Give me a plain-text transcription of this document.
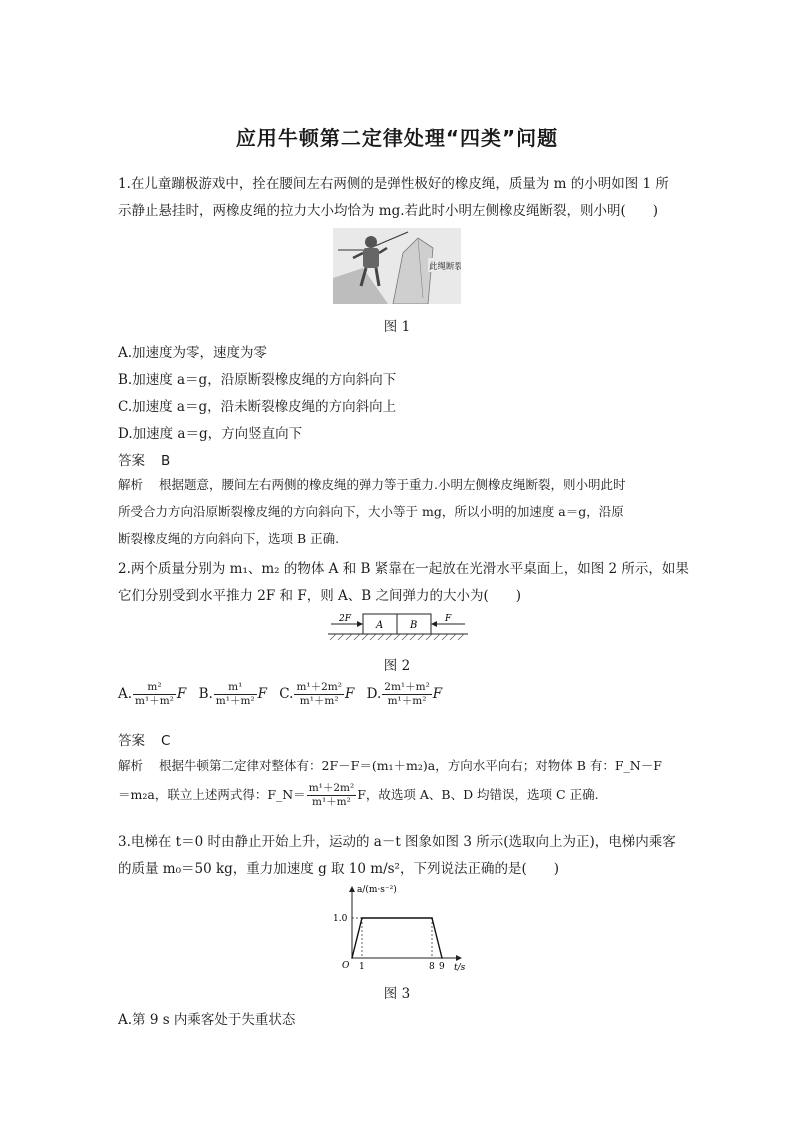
应用牛顿第二定律处理“四类”问题
1.在儿童蹦极游戏中，拴在腰间左右两侧的是弹性极好的橡皮绳，质量为 m 的小明如图 1 所
示静止悬挂时，两橡皮绳的拉力大小均恰为 mg.若此时小明左侧橡皮绳断裂，则小明(　　)
此绳断裂
图 1
A.加速度为零，速度为零
B.加速度 a＝g，沿原断裂橡皮绳的方向斜向下
C.加速度 a＝g，沿未断裂橡皮绳的方向斜向上
D.加速度 a＝g，方向竖直向下
答案 B
解析 根据题意，腰间左右两侧的橡皮绳的弹力等于重力.小明左侧橡皮绳断裂，则小明此时
所受合力方向沿原断裂橡皮绳的方向斜向下，大小等于 mg，所以小明的加速度 a＝g，沿原
断裂橡皮绳的方向斜向下，选项 B 正确.
2.两个质量分别为 m₁、m₂ 的物体 A 和 B 紧靠在一起放在光滑水平桌面上，如图 2 所示，如果
它们分别受到水平推力 2F 和 F，则 A、B 之间弹力的大小为(　　)
A	B
2F	F
图 2
A. $\frac{\text{m²}}{\text{m¹＋m²}}$ F B. $\frac{\text{m¹}}{\text{m¹＋m²}}$ F C. $\frac{\text{m¹＋2m²}}{\text{m¹＋m²}}$ F D. $\frac{\text{2m¹＋m²}}{\text{m¹＋m²}}$ F
答案 C
解析 根据牛顿第二定律对整体有：2F－F＝(m₁＋m₂)a，方向水平向右；对物体 B 有：F_N－F
＝m₂a，联立上述两式得：F_N＝ $\frac{\text{m¹＋2m²}}{\text{m¹＋m²}}$ F，故选项 A、B、D 均错误，选项 C 正确.
3.电梯在 t＝0 时由静止开始上升，运动的 a－t 图象如图 3 所示(选取向上为正)，电梯内乘客
的质量 m₀＝50 kg，重力加速度 g 取 10 m/s²，下列说法正确的是(　　)
t/s
a/(m·s⁻²)
O 1	8 9
1.0
图 3
A.第 9 s 内乘客处于失重状态
